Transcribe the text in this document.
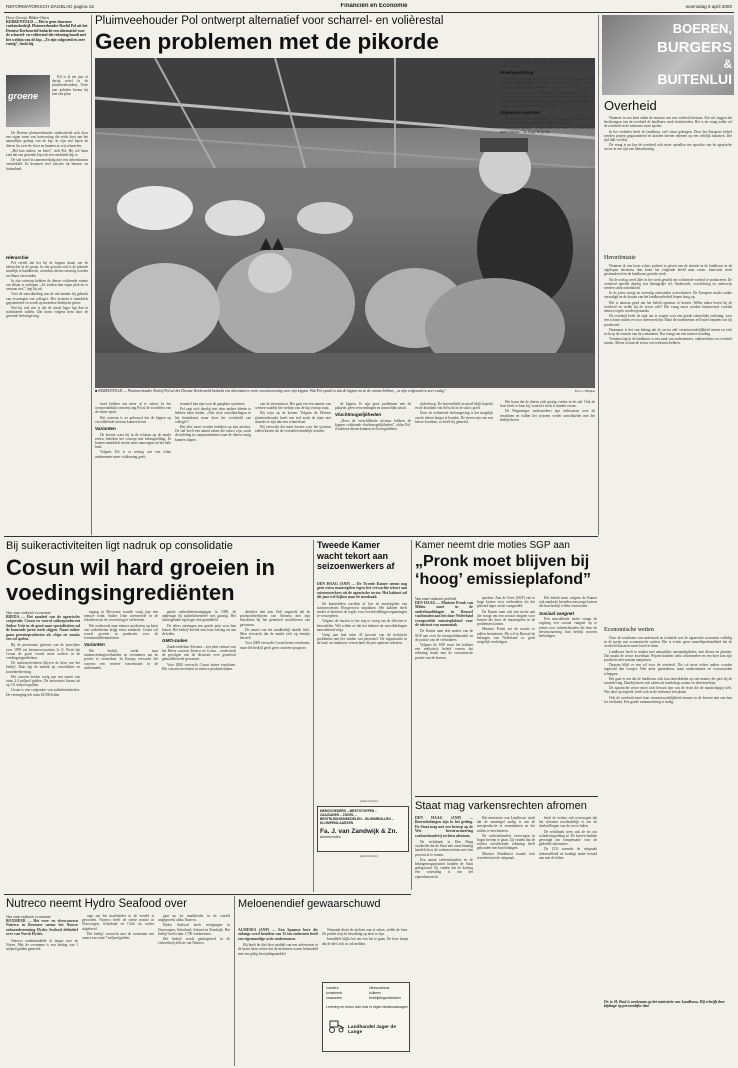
REFORMATORISCH DAGBLAD pagina 15	Financiën en Economie	woensdag 5 april 2000
Door Geertje Bikker-Otten
KERKENVELD — Het is geen doorsnee varkensbedrijf. Pluimveehouder Roelof Pol uit het Drentse Kerkenveld bedacht een alternatief voor de scharrel- en volièrestal die rekening houdt met het welzijn van de kip. „Ze zijn volgroeid en zeer rustig”, vindt hij.
groene

Pol is al ten jaar of dertig actief in de pluimveehouderij. Twee jaar geleden kwam hij met een plan.

De Drentse pluimveehouder onderscheidt zich door een eigen vorm van huisvesting die recht doet aan het natuurlijke gedrag van de kip. In zijn stal lopen de dieren los over de vloer en kunnen ze vrij scharrelen.

„Het kan anders, en beter”, stelt Pol. Hij wil laten zien dat een gezonde kip ook een rendabele kip is.

De stal werd in samenwerking met een adviesbureau ontwikkeld. Er kwamen veel reacties uit binnen- en buitenland.

Hiërarchie

Pol vertelt dat het bij de kippen draait om de hiërarchie in de groep. In een gewone stal is de pikorde moeilijk te handhaven, waardoor dieren onrustig worden en elkaar verwonden.

In zijn ontwerp hebben de dieren voldoende ruimte om elkaar te ontlopen. „Ze zoeken hun eigen plek en er ontstaat rust”, legt hij uit.

Voor de ontwikkeling van de stal maakte hij gebruik van ervaringen van collega's. Het systeem is inmiddels gepatenteerd en wordt op meerdere bedrijven getest.

Wat hij ook ziet is dat de uitval lager ligt dan in traditionele stallen. Dat komt volgens hem door de gezonde leefomgeving.

Pluimveehouder Pol ontwerpt alternatief voor scharrel- en volièrestal
Geen problemen met de pikorde
■ KERKENVELD — Pluimveehouder Roelof Pol uit het Drentse Kerkenveld bedacht een alternatieve vorm van huisvesting voor zijn kippen. Wat Pol opvalt is dat de kippen nu ze de ruimte hebben, „ze zijn volgroeid en zeer rustig”.	Foto: J. Heijman

hoed hebben om meer af te zetten. In het oorspronkelijke ontwerp zag Pol al de voordelen van de ruime opzet.

Het systeem is zo gebouwd dat de kippen op verschillende niveaus kunnen leven.

Varianten

De boeren waar hij in de schuren op de markt zetten, bekeken het concept met belangstelling. Er komen inmiddels steeds meer aanvragen uit het hele land.

Volgens Pol is er weinig wat een echte ondernemer meer voldoening geeft.

ternatief kan zijn voor de gangbare systemen.

Pol zegt zich daarbij niet door andere ideeën te hebben laten leiden. „Niet door ontwikkelingen in het buitenland, maar door het voorbeeld van collega's”.

Het idee moet worden bekeken op zijn merites. De stal heeft een aantal zaken die nieuw zijn, zoals de indeling in compartimenten waar de dieren rustig kunnen slapen.

van de stroomstoot. Het gaat om een manier van werken waarbij het welzijn van de kip voorop staat.

Hij wijst op de kosten. Volgens de Drentse pluimveehouder hoeft een stal zoals de zijne niet duurder te zijn dan een scharrelstal.

Hij verwacht dat meer boeren voor het systeem zullen kiezen als de voordelen duidelijk worden.

de kippen. Er zijn geen problemen met de pikorde, geen verwondingen en nauwelijks uitval.

Vluchtmogelijkheden

„Door de verschillende niveaus hebben de kippen voldoende vluchtmogelijkheden”, aldus Pol. Zwakkere dieren kunnen zich terugtrekken.

tijdverloop. De hoeveelheid strooisel blijft beperkt en de kwaliteit van de lucht in de stal is goed.

Door de verbeterde leefomgeving is het mogelijk om de dieren langer te houden. De eieren zijn van een betere kwaliteit, zo heeft hij gemerkt.

Het komt dat de dieren zich prettig voelen in de stal. Ook de boer heeft er baat bij, want het werk is minder zwaar.

De Wageningse onderzoekers zijn enthousiast over de resultaten en willen het systeem verder ontwikkelen met het bedrijfsleven.

BOEREN,
BURGERS
&
BUITENLUI
Overheid

Wanneer in een land rallen de mensen van een overheid bestaan. Dat wil zeggen dat beslissingen van de overheid de landbouw sterk beïnvloeden. Het is de vraag welke rol de overheid in de toekomst moet spelen.

In het verleden heeft de landbouw veel steun gekregen. Door het Europese beleid werden prijzen gegarandeerd en konden boeren rekenen op een redelijk inkomen. Die tijd lijkt voorbij.

De vraag is nu hoe de overheid zich moet opstellen ten opzichte van de agrarische sector in een tijd van liberalisering.

Heroriëntatie

Wanneer ik een korte schets probeer te geven van de situatie in de landbouw in de afgelopen decennia, dan komt het volgende beeld naar voren. Innovatie werd gestimuleerd en de landbouw groeide sterk.

Na de oorlog werd alles in het werk gesteld om voldoende voedsel te produceren. De overheid speelde daarbij een belangrijke rol. Onderzoek, voorlichting en onderwijs werden sterk ontwikkeld.

In de jaren zestig en zeventig ontstonden overschotten. De Europese markt raakte verzadigd en de kosten van het landbouwbeleid liepen hoog op.

Het is daarom goed om het beleid opnieuw te bezien. Welke taken horen bij de overheid en welke bij de sector zelf? Die vraag moet worden beantwoord voordat nieuwe regels worden gemaakt.

De overheid heeft de taak om te zorgen voor een goede ruimtelijke ordening, voor een schoon milieu en voor dierenwelzijn. Maar de ondernemer zelf moet bepalen wat hij produceert.

Daarnaast is het van belang dat de sector zelf verantwoordelijkheid neemt en zich richt op de wensen van de consument. Dat vraagt om een nieuwe houding.

Vernieuwing in de landbouw is een zaak van ondernemers, onderzoekers en overheid samen. Alleen zo kan de sector een toekomst hebben.

Economische wetten

Door de resultaten van onderzoek en techniek was de agrarische economie volledig in de greep van economische wetten. Het is echter geen vanzelfsprekendheid dat de overheid dan niets meer hoeft te doen.

Landbouw heeft te maken met natuurlijke omstandigheden, met dieren en planten. Dat maakt de sector kwetsbaar. Prijzen kunnen sterk schommelen en een boer kan zijn productie niet zomaar aanpassen.

Daarom blijft er een rol voor de overheid. Die rol moet echter anders worden ingevuld dan vroeger. Niet meer garanderen, maar ondersteunen en voorwaarden scheppen.

Het gaat er om dat de landbouw zich kan ontwikkelen op een manier die past bij de samenleving. Daarbij horen ook zaken als landschap, natuur en dierenwelzijn.

De agrarische sector moet zich bewust zijn van de eisen die de maatschappij stelt. Wie daar op inspeelt, heeft ook in de toekomst een plaats.

Ook de overheid moet haar verantwoordelijkheid nemen en de boeren niet aan hun lot overlaten. Een goede samenwerking is nodig.

Dr. ir. H. Paul is werkzaam op het ministerie van Landbouw. Hij schrijft deze bijdrage op persoonlijke titel.
Bij suikeractiviteiten ligt nadruk op consolidatie
Cosun wil hard groeien in voedingsingrediënten
Van onze redactie economie
BREDA — Het aandeel van de agrarische coöperatie Cosun en vooral suikerproducent Suiker Unie in de groei naar specialiteiten zal de komende jaren sterk stijgen. Naast suiker gaan groenteproducten als chips en snacks een rol spelen.

Bij de presentatie gisteren van de jaarcijfers over 1999 zei bestuursvoorzitter Ir. E. Pietri dat Cosun de groei vooral moet zoeken in de voedingsingrediënten.

De suikeractiviteiten blijven de kern van het bedrijf. Daar ligt de nadruk op consolidatie en kostenbeheersing.

Het concern boekte vorig jaar een omzet van ruim 2,4 miljard gulden. De nettowinst kwam uit op 111 miljoen gulden.

Cosun is een coöperatie van suikerbietentelers. De vereniging telt ruim 18.000 leden.

ingang in Mexicana waaide vorig jaar een nieuwe wind. Suiker Unie investeerde in de fabrieken om de verwerking te verbeteren.

Het onderzoek naar nieuwe producten op basis van suikerbieten krijgt extra aandacht. Cosun wil vooral groeien in producten voor de levensmiddelenindustrie.

Varianten

Het bedrijf zoekt naar samenwerkingsverbanden en overnames om de positie te versterken. In Europa verwacht het concern een verdere concentratie in de suikermarkt.

gende suikerbietencampagne in 1999, de opbrengst bij suikerbietenteler was gunstig. Het suikergehalte lag hoger dan gemiddeld.

De telers ontvingen een goede prijs voor hun bieten. Het bedrijf keerde een extra toeslag uit aan de leden.

GMO-zaden

Zaadveredelaar Advanta – een joint venture van het Britse concern Zeneca en Cosun – ondervindt de gevolgen van de discussie over genetisch gemodificeerde gewassen.

Voor 2000 verwacht Cosun betere resultaten. Het concern investeert in nieuwe productielijnen.

derhalve niet aan. Ook ongeacht dat de productiebedrijven van Advanta niet zijn betrokken bij het genetisch modificeren van gewassen.

De omzet van het zaadbedrijf daalde licht. Men verwacht dat de markt zich op termijn herstelt.

Voor 2000 verwacht Cosun betere resultaten, maar het bedrijf geeft geen concrete prognose.

Tweede Kamer wacht tekort aan seizoenwerkers af
DEN HAAG (ANP) — De Tweede Kamer neemt nog geen extra maatregelen tegen het verwachte tekort aan seizoenwerkers uit de agrarische sector. Het kabinet zal dit jaar wel kijken naar de noodzaak.

De kamerleden wachten af hoe de maatregelen van staatssecretaris Hoogervorst uitpakken. Het kabinet heeft eerder al besloten de regels voor tewerkstellingsvergunningen te versoepelen.

Volgens de fracties is het nog te vroeg om de effecten te beoordelen. Wel willen ze dat het kabinet de ontwikkelingen nauwlettend volgt.

Vorig jaar had ruim 45 procent van de bedrijven problemen met het vinden van personeel. De organisaties in de land- en tuinbouw verwachten dit jaar opnieuw tekorten.

(Advertentie)
MENGVOEDERS – MESTSTOFFEN –
ZAAIZADEN – ZUIVEL –
BESTRIJDINGSMIDDELEN – BLOEMBOLLEN –
KLOMPEN/LAARZEN
Fa. J. van Zandwijk & Zn.
Ammerzoden
(Advertentie)
Kamer neemt drie moties SGP aan
„Pronk moet blijven bij ‘hoog’ emissieplafond”
Van onze redactie politiek
DEN HAAG — Minister Pronk van Milieu moet in de onderhandelingen in Brussel vasthouden aan het door Nederland voorgestelde emissieplafond voor de uitstoot van ammoniak.

De Kamer nam drie moties van de SGP aan over de mestproblematiek en de positie van de veehouders.

Volgens de SGP moet het kabinet een realistisch beleid voeren dat rekening houdt met de economische positie van de boeren.

spreken. Aan de Vries (SGP) ziet te hoge kosten voor veehouders als het plafond lager wordt vastgesteld.

De Kamer nam ook een motie aan die vraagt om een sociaal vangnet voor boeren die door de maatregelen in de problemen komen.

Minister Pronk zei de moties te zullen bestuderen. Hij wil in Brussel de belangen van Nederland zo goed mogelijk verdedigen.

Het beleid moet volgens de Kamer ook aandacht besteden aan jonge boeren die hun bedrijf willen voortzetten.

Sociaal vangnet

Een aanvullende motie vraagt de regering een sociaal vangnet op te zetten voor varkenshouders die door de herstructurering hun bedrijf moeten beëindigen.

Staat mag varkensrechten afromen
DEN HAAG (ANP) — Boerenbelangen zijn in het geding. De Staat mag met een beroep op de Wet herstructurering varkenshouderij rechten afromen.

De rechtbank in Den Haag oordeelde dat de Staat niet onrechtmatig handelt door de varkensrechten met tien procent af te romen.

Een aantal varkenshouders en de belangenorganisaties hadden de Staat gedagvaard. Zij vinden dat de korting een schending is van het eigendomsrecht.

Het ministerie van Landbouw vindt dat de maatregel nodig is om de mestproductie te verminderen en het milieu te beschermen.

De varkenshouders overwegen in hoger beroep te gaan. Zij vinden dat de rechter onvoldoende rekening heeft gehouden met hun belangen.

Minister Brinkhorst toonde zich tevreden met de uitspraak.

heeft de rechter ook overwogen dat het afromen noodzakelijk is om de doelstellingen van de wet te halen.

De rechtbank wees ook de eis om schadevergoeding af. De boeren hadden gevraagd om compensatie voor de gederfde inkomsten.

De LTO noemde de uitspraak teleurstellend en kondigt nader beraad aan met de leden.

Nutreco neemt Hydro Seafood over
Van onze redactie economie
BOXMEER — Het voer- en vleesconcern Nutreco in Boxmeer neemt het Noorse zalmonderneming Hydro Seafood definitief over van Norsk Hydro.

Nutreco onderhandelde al langer met de Noren. Met de overname is een bedrag van 1 miljard gulden gemoeid.

uige om het marktleider in de wereld is geworden. Nutreco heeft de sterke positie in Noorwegen, Schotland en Chili nu verder uitgebreid.

Het bedrijf verwacht met de overname een omzet van ruim 7 miljard gulden.

gaat nu tot marktleider in de wereld uitgegroeid, aldus Nutreco.

Hydro Seafood heeft vestigingen in Noorwegen, Schotland, Ierland en Frankrijk. Het bedrijf heeft ruim 1.700 werknemers.

Het bedrijf wordt geïntegreerd in de viskwekerij divisie van Nutreco.

Meloenendief gewaarschuwd
ALMERIA (ANP) — Een Spaanse boer die onlangs werd bestolen van 15 ton meloenen heeft een eigenaardige actie ondernomen.

Hij heeft de dief door middel van een advertentie in de krant laten weten dat de meloenen waren behandeld met een giftig bestrijdingsmiddel.

Niemand dient de meloen aan te raken, stelde de boer. De politie riep de bevolking op alert te zijn.

Inmiddels blijkt het om een list te gaan. De boer hoopt dat de dief zich zo zal melden.

voeders
kunstmest
zaaizaden
vleesvarkens
kuikens
bestrijdingsmiddelen
Levering en beurs aan huis in eigen landbouwwagen
Landhandel Jager de Lange

tussen. „Dan is de kip er ook niet meer zo rustig, dan gaat het mis”, zegt hij.

Proefopstelling

In eerste instantie werd het systeem op kleine schaal in een proefstal uitgeprobeerd. De resultaten waren zo goed dat Pol besloot een grote stal te bouwen.

De proef werd door de Wageningse onderzoekers gevolgd. Zij keken naar het gedrag, het welzijn en de productie van de kippen.

De resultaten waren positief. De kippen bleken gezonder en rustiger te zijn dan in traditionele stallen.

Slapeloze nachten

Pol heeft over de ontwikkeling ook slapeloze nachten gehad. „Het was een groot risico, alles stond op het spel.”

Toch zette hij door. „Ik geloofde in het idee en ik wist dat het moest lukken.” Nu krijgt hij gelijk.
